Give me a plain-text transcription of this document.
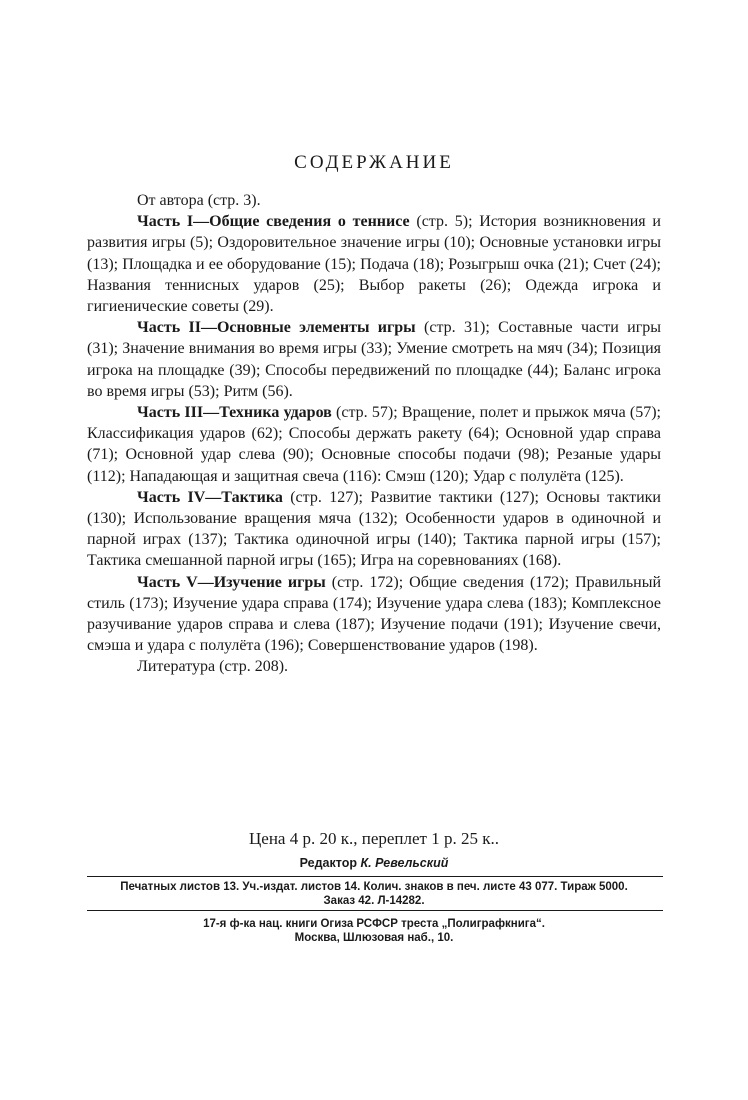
СОДЕРЖАНИЕ

От автора (стр. 3).

Часть I—Общие сведения о теннисе (стр. 5); История возникновения и развития игры (5); Оздоровительное значение игры (10); Основные установки игры (13); Площадка и ее оборудование (15); Подача (18); Розыгрыш очка (21); Счет (24); Названия теннисных ударов (25); Выбор ракеты (26); Одежда игрока и гигиенические советы (29).

Часть II—Основные элементы игры (стр. 31); Составные части игры (31); Значение внимания во время игры (33); Умение смотреть на мяч (34); Позиция игрока на площадке (39); Способы передвижений по площадке (44); Баланс игрока во время игры (53); Ритм (56).

Часть III—Техника ударов (стр. 57); Вращение, полет и прыжок мяча (57); Классификация ударов (62); Способы держать ракету (64); Основной удар справа (71); Основной удар слева (90); Основные способы подачи (98); Резаные удары (112); Нападающая и защитная свеча (116): Смэш (120); Удар с полулёта (125).

Часть IV—Тактика (стр. 127); Развитие тактики (127); Основы тактики (130); Использование вращения мяча (132); Особенности ударов в одиночной и парной играх (137); Тактика одиночной игры (140); Тактика парной игры (157); Тактика смешанной парной игры (165); Игра на соревнованиях (168).

Часть V—Изучение игры (стр. 172); Общие сведения (172); Правильный стиль (173); Изучение удара справа (174); Изучение удара слева (183); Комплексное разучивание ударов справа и слева (187); Изучение подачи (191); Изучение свечи, смэша и удара с полулёта (196); Совершенствование ударов (198).

Литература (стр. 208).

Цена 4 р. 20 к., переплет 1 р. 25 к..
Редактор К. Ревельский
Печатных листов 13. Уч.-издат. листов 14. Колич. знаков в печ. листе 43 077. Тираж 5000.
Заказ 42. Л-14282.
17-я ф-ка нац. книги Огиза РСФСР треста „Полиграфкнига“.
Москва, Шлюзовая наб., 10.
